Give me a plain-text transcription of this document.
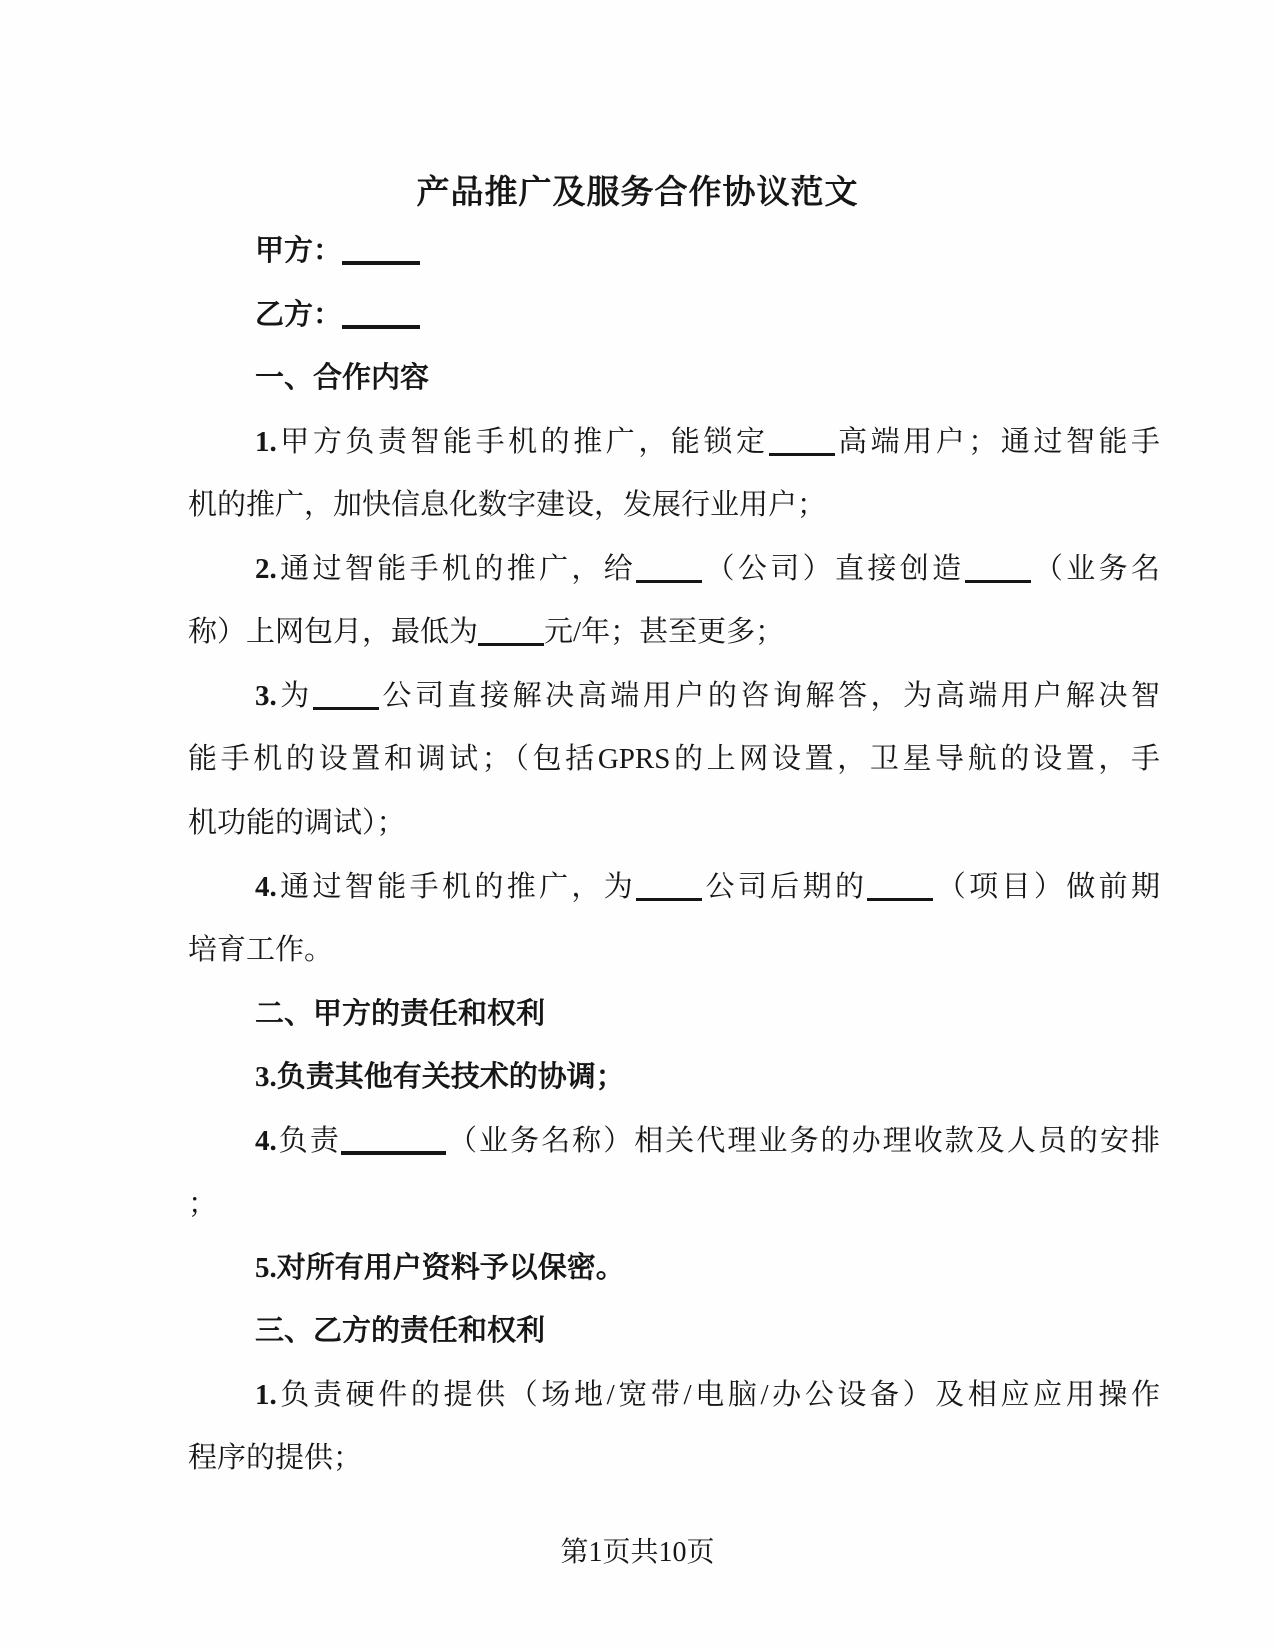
产品推广及服务合作协议范文
甲方：
乙方：
一、合作内容
1.甲方负责智能手机的推广，能锁定 高端用户；通过智能手
机的推广，加快信息化数字建设，发展行业用户；
2.通过智能手机的推广，给 （公司）直接创造 （业务名
称）上网包月，最低为 元/年；甚至更多；
3.为 公司直接解决高端用户的咨询解答，为高端用户解决智
能手机的设置和调试；（包括GPRS的上网设置，卫星导航的设置，手
机功能的调试）；
4.通过智能手机的推广，为 公司后期的 （项目）做前期
培育工作。
二、甲方的责任和权利
3.负责其他有关技术的协调；
4.负责	（业务名称）相关代理业务的办理收款及人员的安排
；
5.对所有用户资料予以保密。
三、乙方的责任和权利
1.负责硬件的提供（场地/宽带/电脑/办公设备）及相应应用操作
程序的提供；
第1页共10页
